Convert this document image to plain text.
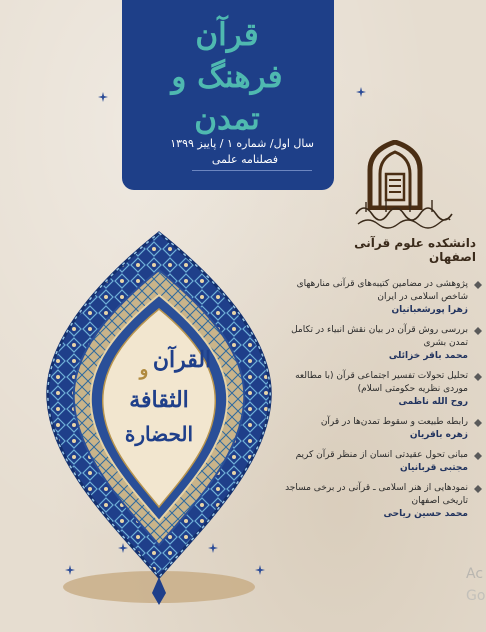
قرآن
فرهنگ و تمدن
سال اول/ شماره ۱ / پاییز ۱۳۹۹
فصلنامه علمی
دانشکده علوم قرآنی اصفهان
پژوهشی در مضامین کتیبه‌های قرآنی منارههای شاخص اسلامی در ایران
زهرا پورشعبانیان
بررسی روش قرآن در بیان نقش انبیاء در تکامل تمدن بشری
محمد باقر خزائلی
تحلیل تحولات تفسیر اجتماعی قرآن (با مطالعه موردی نظریه حکومتی اسلام)
روح الله ناظمی
رابطه طبیعت و سقوط تمدن‌ها در قرآن
زهره باقریان
مبانی تحول عقیدتی انسان از منظر قرآن کریم
مجتبی قربانیان
نمودهایی از هنر اسلامی ـ قرآنی در برخی مساجد تاریخی اصفهان
محمد حسین ریاحی
القرآن
و
الثقافة
الحضارة
Ac
Go
